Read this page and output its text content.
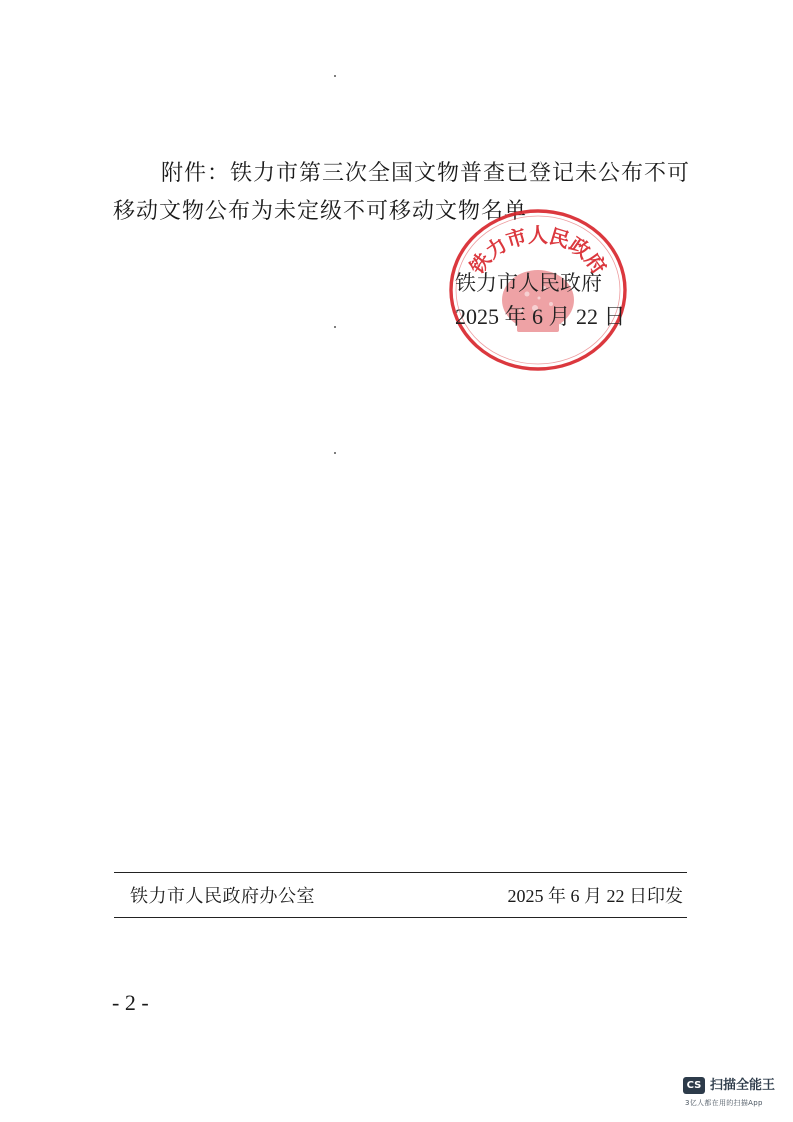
附件：铁力市第三次全国文物普查已登记未公布不可移动文物公布为未定级不可移动文物名单
铁力市人民政府
铁力市人民政府
2025 年 6 月 22 日
铁力市人民政府办公室	2025 年 6 月 22 日印发
- 2 -
CS 扫描全能王
3亿人都在用的扫描App
